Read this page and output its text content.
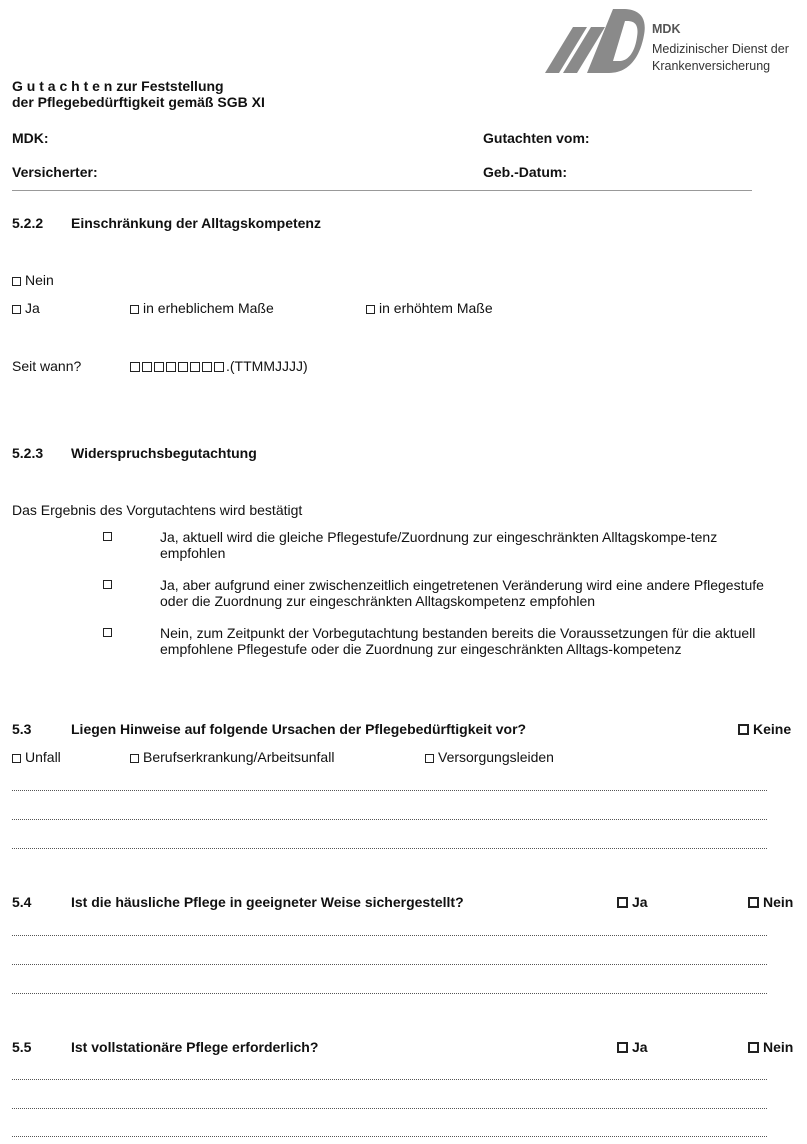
MDK
Medizinischer Dienst der
Krankenversicherung
G u t a c h t e n zur Feststellung
der Pflegebedürftigkeit gemäß SGB XI
MDK:	Gutachten vom:
Versicherter:	Geb.-Datum:
5.2.2 Einschränkung der Alltagskompetenz
Nein
Ja	in erheblichem Maße	in erhöhtem Maße
Seit wann?	.(TTMMJJJJ)
5.2.3 Widerspruchsbegutachtung
Das Ergebnis des Vorgutachtens wird bestätigt
Ja, aktuell wird die gleiche Pflegestufe/Zuordnung zur eingeschränkten Alltagskompe-tenz empfohlen
Ja, aber aufgrund einer zwischenzeitlich eingetretenen Veränderung wird eine andere Pflegestufe oder die Zuordnung zur eingeschränkten Alltagskompetenz empfohlen
Nein, zum Zeitpunkt der Vorbegutachtung bestanden bereits die Voraussetzungen für die aktuell empfohlene Pflegestufe oder die Zuordnung zur eingeschränkten Alltags-kompetenz
5.3	Liegen Hinweise auf folgende Ursachen der Pflegebedürftigkeit vor?	Keine
Unfall	Berufserkrankung/Arbeitsunfall	Versorgungsleiden
5.4	Ist die häusliche Pflege in geeigneter Weise sichergestellt?	Ja	Nein
5.5	Ist vollstationäre Pflege erforderlich?	Ja	Nein
